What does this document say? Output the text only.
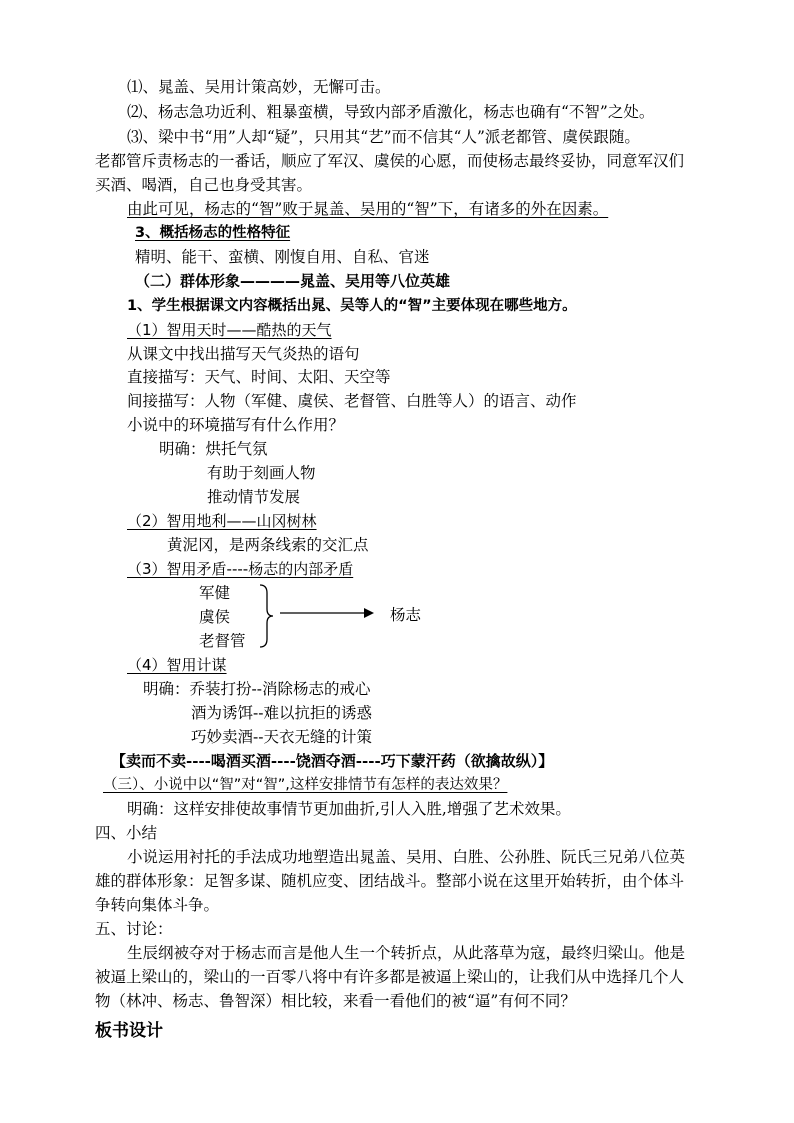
⑴、晁盖、吴用计策高妙，无懈可击。
⑵、杨志急功近利、粗暴蛮横，导致内部矛盾激化，杨志也确有“不智”之处。
⑶、梁中书“用”人却“疑”，只用其“艺”而不信其“人”派老都管、虞侯跟随。
老都管斥责杨志的一番话，顺应了军汉、虞侯的心愿，而使杨志最终妥协，同意军汉们
买酒、喝酒，自己也身受其害。
由此可见，杨志的“智”败于晁盖、吴用的“智”下，有诸多的外在因素。
3、概括杨志的性格特征
精明、能干、蛮横、刚愎自用、自私、官迷
（二）群体形象————晁盖、吴用等八位英雄
1、学生根据课文内容概括出晁、吴等人的“智”主要体现在哪些地方。
（1）智用天时——酷热的天气
从课文中找出描写天气炎热的语句
直接描写：天气、时间、太阳、天空等
间接描写：人物（军健、虞侯、老督管、白胜等人）的语言、动作
小说中的环境描写有什么作用？
明确：烘托气氛
有助于刻画人物
推动情节发展
（2）智用地利——山冈树林
黄泥冈，是两条线索的交汇点
（3）智用矛盾----杨志的内部矛盾
军健
虞侯
老督管
杨志
（4）智用计谋
明确：乔装打扮--消除杨志的戒心
酒为诱饵--难以抗拒的诱惑
巧妙卖酒--天衣无缝的计策
【卖而不卖----喝酒买酒----饶酒夺酒----巧下蒙汗药（欲擒故纵）】
（三）、小说中以“智”对“智”,这样安排情节有怎样的表达效果？
明确：这样安排使故事情节更加曲折,引人入胜,增强了艺术效果。
四、小结
小说运用衬托的手法成功地塑造出晁盖、吴用、白胜、公孙胜、阮氏三兄弟八位英
雄的群体形象：足智多谋、随机应变、团结战斗。整部小说在这里开始转折，由个体斗
争转向集体斗争。
五、讨论：
生辰纲被夺对于杨志而言是他人生一个转折点，从此落草为寇，最终归梁山。他是
被逼上梁山的，梁山的一百零八将中有许多都是被逼上梁山的，让我们从中选择几个人
物（林冲、杨志、鲁智深）相比较，来看一看他们的被“逼”有何不同？
板书设计
